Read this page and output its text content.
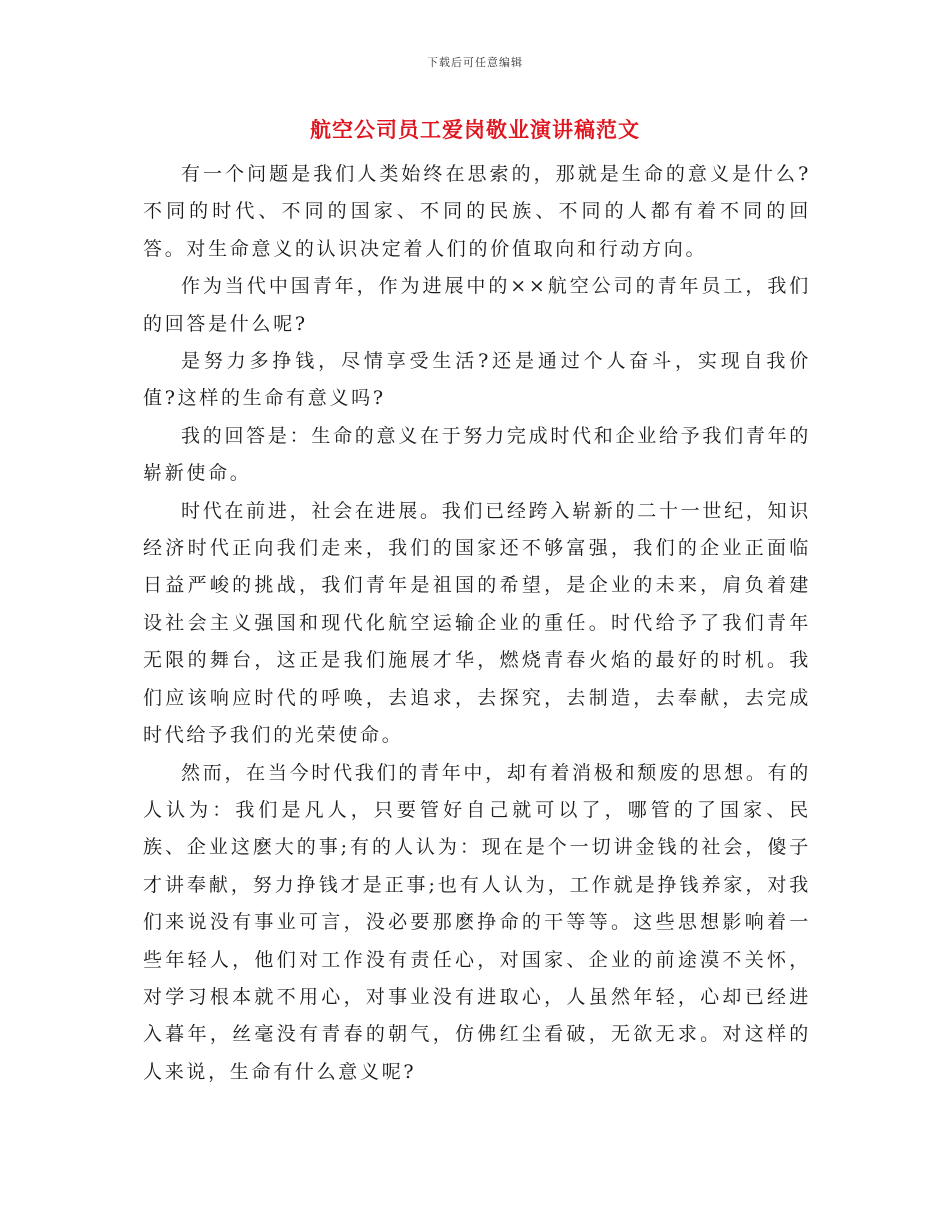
下载后可任意编辑
航空公司员工爱岗敬业演讲稿范文

有一个问题是我们人类始终在思索的，那就是生命的意义是什么?不同的时代、不同的国家、不同的民族、不同的人都有着不同的回答。对生命意义的认识决定着人们的价值取向和行动方向。

作为当代中国青年，作为进展中的××航空公司的青年员工，我们的回答是什么呢?

是努力多挣钱，尽情享受生活?还是通过个人奋斗，实现自我价值?这样的生命有意义吗?

我的回答是：生命的意义在于努力完成时代和企业给予我们青年的崭新使命。

时代在前进，社会在进展。我们已经跨入崭新的二十一世纪，知识经济时代正向我们走来，我们的国家还不够富强，我们的企业正面临日益严峻的挑战，我们青年是祖国的希望，是企业的未来，肩负着建设社会主义强国和现代化航空运输企业的重任。时代给予了我们青年无限的舞台，这正是我们施展才华，燃烧青春火焰的最好的时机。我们应该响应时代的呼唤，去追求，去探究，去制造，去奉献，去完成时代给予我们的光荣使命。

然而，在当今时代我们的青年中，却有着消极和颓废的思想。有的人认为：我们是凡人，只要管好自己就可以了，哪管的了国家、民族、企业这麽大的事;有的人认为：现在是个一切讲金钱的社会，傻子才讲奉献，努力挣钱才是正事;也有人认为，工作就是挣钱养家，对我们来说没有事业可言，没必要那麽挣命的干等等。这些思想影响着一些年轻人，他们对工作没有责任心，对国家、企业的前途漠不关怀，对学习根本就不用心，对事业没有进取心，人虽然年轻，心却已经进入暮年，丝毫没有青春的朝气，仿佛红尘看破，无欲无求。对这样的人来说，生命有什么意义呢?
